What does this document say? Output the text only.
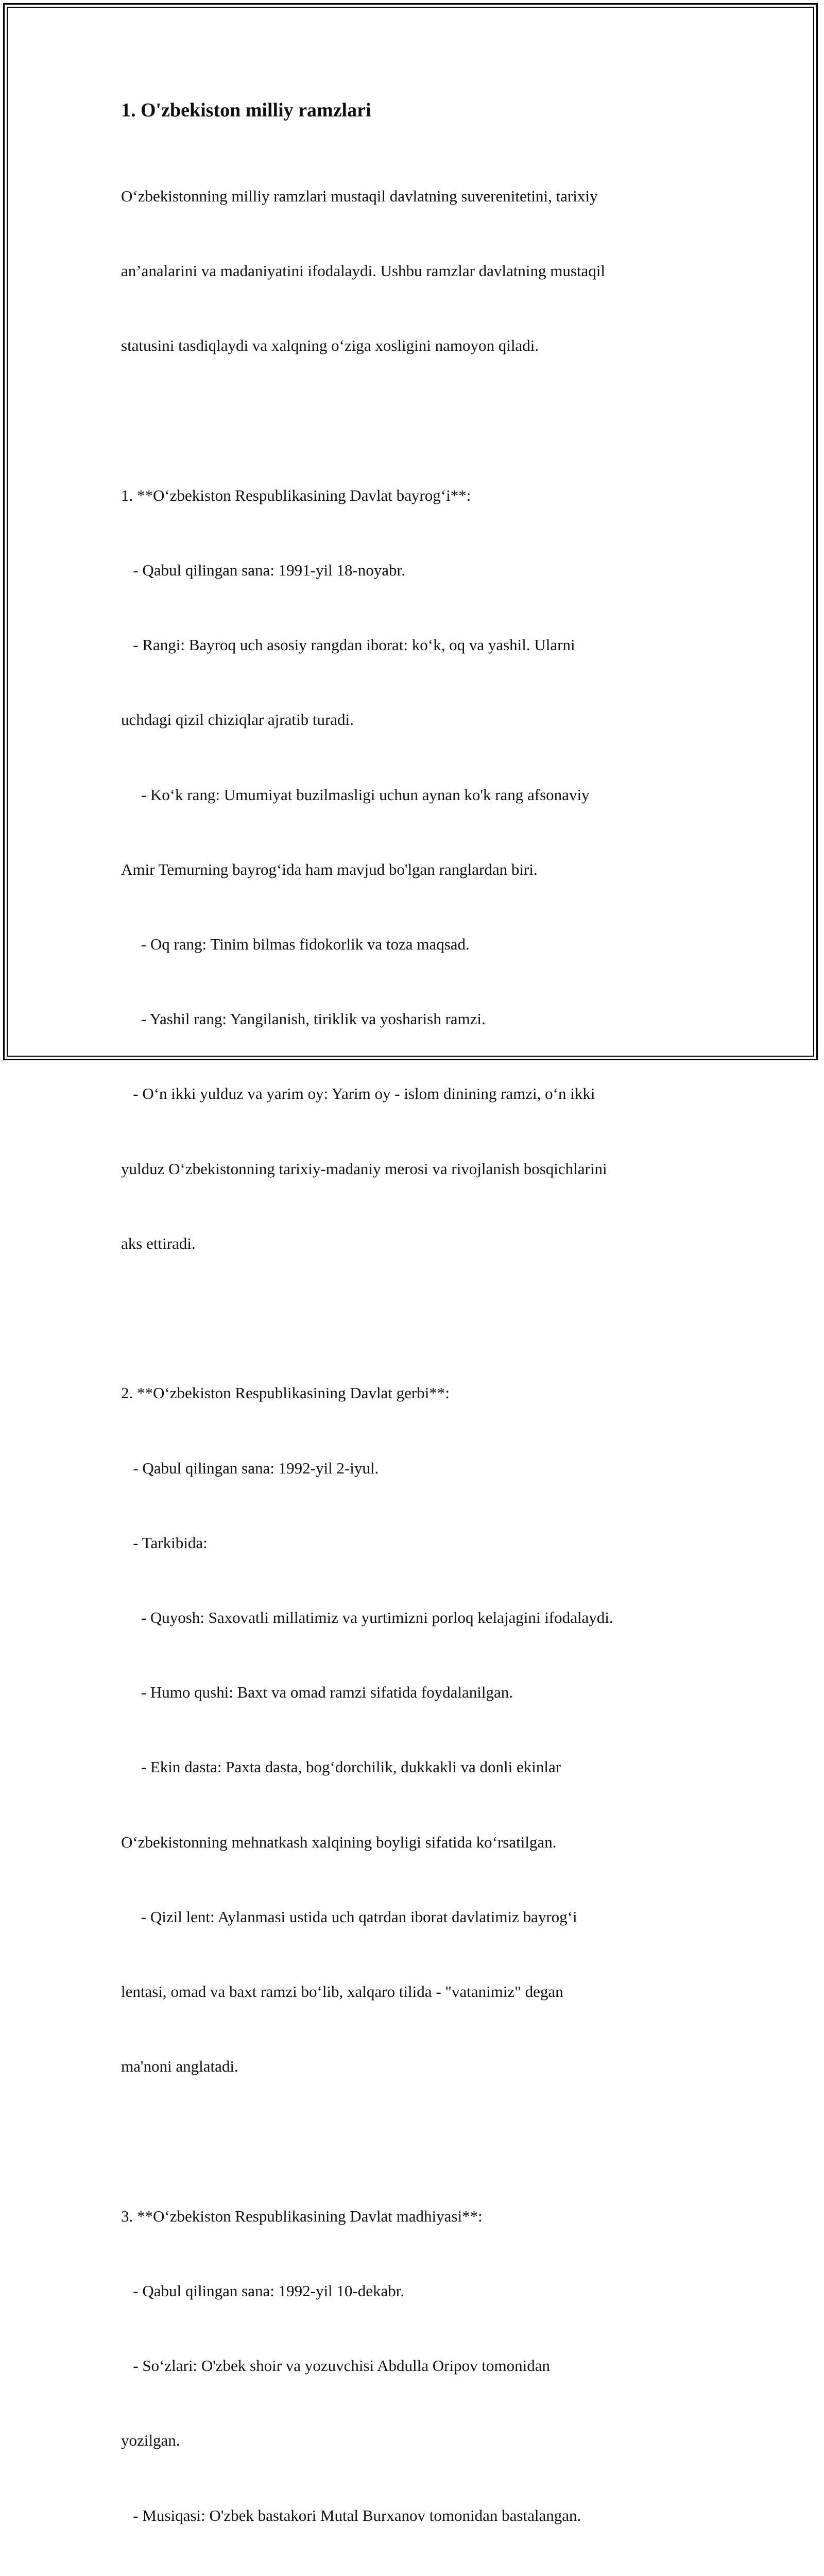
1. O'zbekiston milliy ramzlari

O‘zbekistonning milliy ramzlari mustaqil davlatning suverenitetini, tarixiy

an’analarini va madaniyatini ifodalaydi. Ushbu ramzlar davlatning mustaqil

statusini tasdiqlaydi va xalqning o‘ziga xosligini namoyon qiladi.

1. **O‘zbekiston Respublikasining Davlat bayrog‘i**:

- Qabul qilingan sana: 1991-yil 18-noyabr.

- Rangi: Bayroq uch asosiy rangdan iborat: ko‘k, oq va yashil. Ularni

uchdagi qizil chiziqlar ajratib turadi.

- Ko‘k rang: Umumiyat buzilmasligi uchun aynan ko'k rang afsonaviy

Amir Temurning bayrog‘ida ham mavjud bo'lgan ranglardan biri.

- Oq rang: Tinim bilmas fidokorlik va toza maqsad.

- Yashil rang: Yangilanish, tiriklik va yosharish ramzi.

- O‘n ikki yulduz va yarim oy: Yarim oy - islom dinining ramzi, o‘n ikki

yulduz O‘zbekistonning tarixiy-madaniy merosi va rivojlanish bosqichlarini

aks ettiradi.

2. **O‘zbekiston Respublikasining Davlat gerbi**:

- Qabul qilingan sana: 1992-yil 2-iyul.

- Tarkibida:

- Quyosh: Saxovatli millatimiz va yurtimizni porloq kelajagini ifodalaydi.

- Humo qushi: Baxt va omad ramzi sifatida foydalanilgan.

- Ekin dasta: Paxta dasta, bog‘dorchilik, dukkakli va donli ekinlar

O‘zbekistonning mehnatkash xalqining boyligi sifatida ko‘rsatilgan.

- Qizil lent: Aylanmasi ustida uch qatrdan iborat davlatimiz bayrog‘i

lentasi, omad va baxt ramzi bo‘lib, xalqaro tilida - "vatanimiz" degan

ma'noni anglatadi.

3. **O‘zbekiston Respublikasining Davlat madhiyasi**:

- Qabul qilingan sana: 1992-yil 10-dekabr.

- So‘zlari: O'zbek shoir va yozuvchisi Abdulla Oripov tomonidan

yozilgan.

- Musiqasi: O'zbek bastakori Mutal Burxanov tomonidan bastalangan.
